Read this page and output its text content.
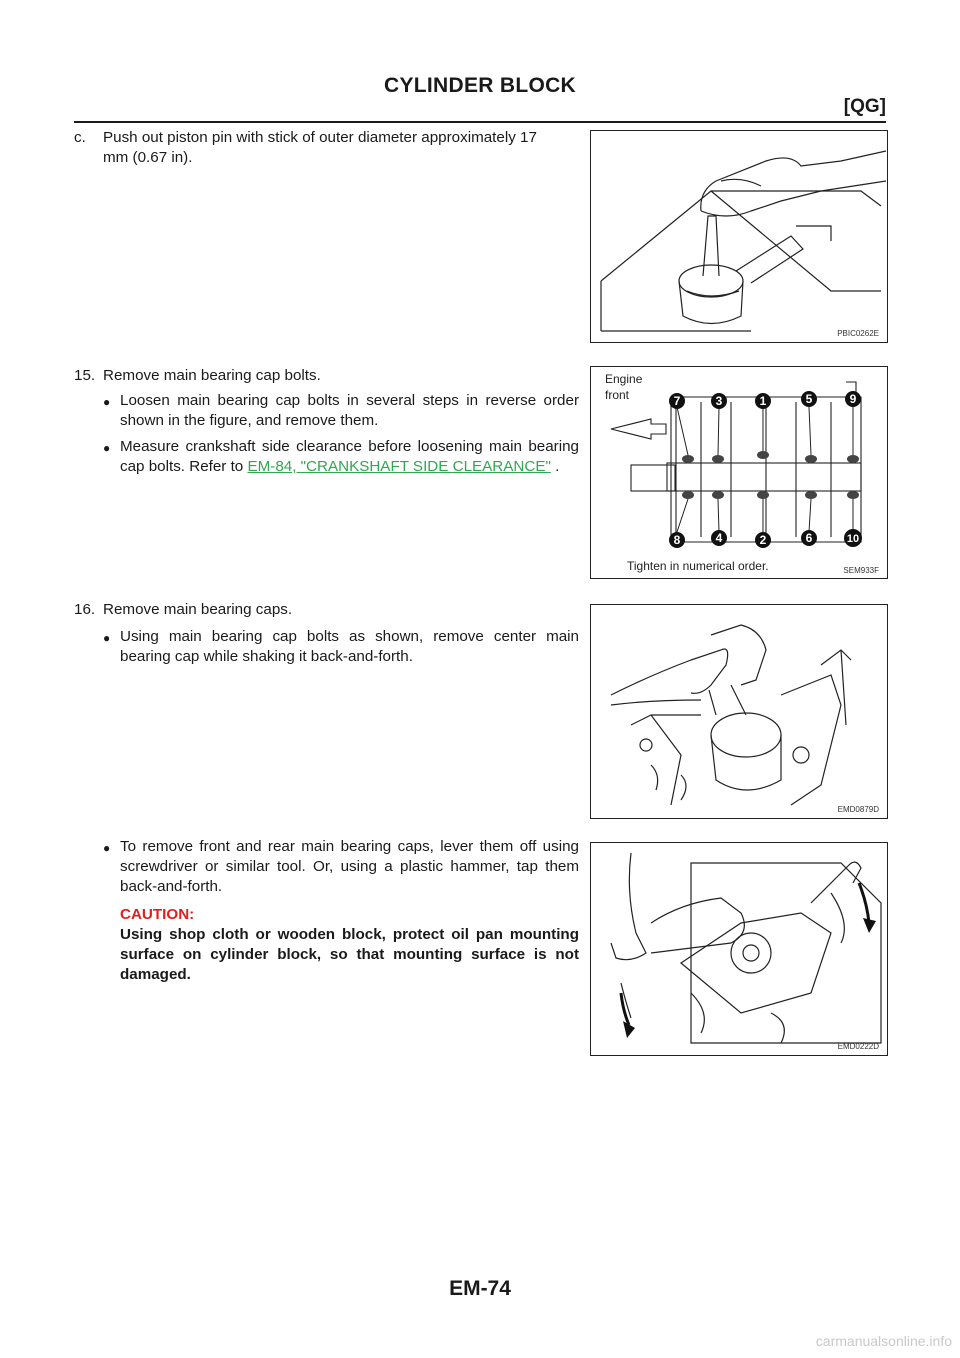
CYLINDER BLOCK
[QG]
c. Push out piston pin with stick of outer diameter approximately 17
mm (0.67 in).
PBIC0262E
15. Remove main bearing cap bolts.
● Loosen main bearing cap bolts in several steps in reverse order shown in the figure, and remove them.
● Measure crankshaft side clearance before loosening main bearing cap bolts. Refer to EM-84, "CRANKSHAFT SIDE CLEARANCE" .
Engine
front	7	3	1	5	9
8	4	2	6	10
Tighten in numerical order.	SEM933F
16. Remove main bearing caps.
● Using main bearing cap bolts as shown, remove center main bearing cap while shaking it back-and-forth.
EMD0879D
● To remove front and rear main bearing caps, lever them off using screwdriver or similar tool. Or, using a plastic hammer, tap them back-and-forth.
CAUTION:
Using shop cloth or wooden block, protect oil pan mounting surface on cylinder block, so that mounting surface is not damaged.
EMD0222D
EM-74
carmanualsonline.info
